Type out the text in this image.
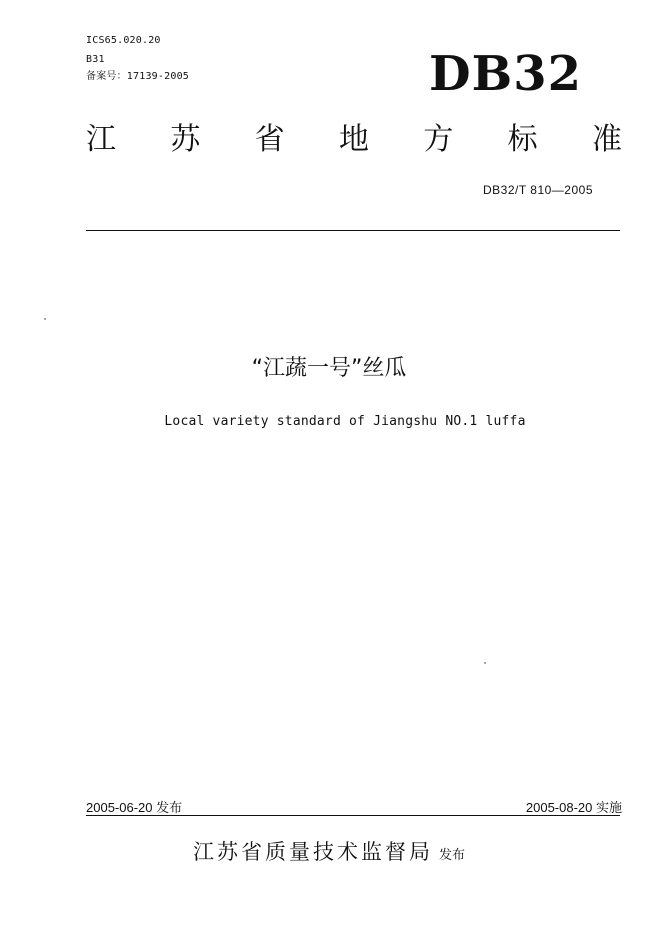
ICS65.020.20
B31
备案号：17139-2005	DB32
江 苏 省 地 方 标 准
DB32/T 810—2005
“江蔬一号”丝瓜
Local variety standard of Jiangshu NO.1 luffa
2005-06-20 发布	2005-08-20 实施
江苏省质量技术监督局 发布
